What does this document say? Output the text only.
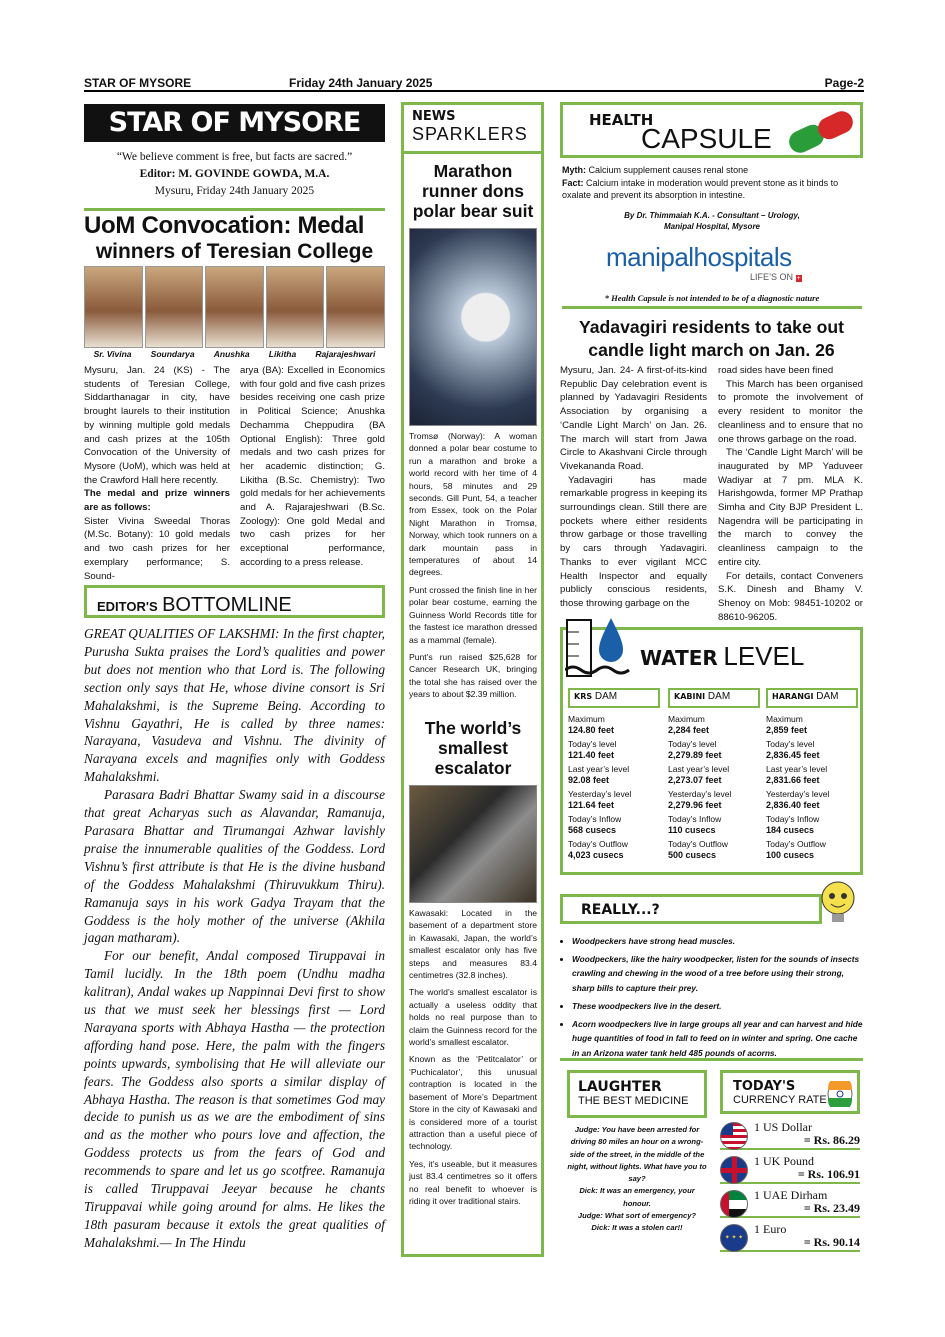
STAR OF MYSORE	Friday 24th January 2025	Page-2
STAR OF MYSORE
“We believe comment is free, but facts are sacred.”
Editor: M. GOVINDE GOWDA, M.A.
Mysuru, Friday 24th January 2025
UoM Convocation: Medal
winners of Teresian College
Sr. Vivina Soundarya Anushka Likitha Rajarajeshwari

Mysuru, Jan. 24 (KS) - The students of Teresian College, Siddarthanagar in city, have brought laurels to their institution by winning multiple gold medals and cash prizes at the 105th Convocation of the University of Mysore (UoM), which was held at the Crawford Hall here recently.

The medal and prize winners are as follows:

Sister Vivina Sweedal Thoras (M.Sc. Botany): 10 gold medals and two cash prizes for her exemplary performance; S. Sound-

arya (BA): Excelled in Economics with four gold and five cash prizes besides receiving one cash prize in Political Science; Anushka Dechamma Cheppudira (BA Optional English): Three gold medals and two cash prizes for her academic distinction; G. Likitha (B.Sc. Chemistry): Two gold medals for her achievements and A. Rajarajeshwari (B.Sc. Zoology): One gold Medal and two cash prizes for her exceptional performance, according to a press release.

EDITOR'S BOTTOMLINE

GREAT QUALITIES OF LAKSHMI: In the first chapter, Purusha Sukta praises the Lord’s qualities and power but does not mention who that Lord is. The following section only says that He, whose divine consort is Sri Mahalakshmi, is the Supreme Being. According to Vishnu Gayathri, He is called by three names: Narayana, Vasudeva and Vishnu. The divinity of Narayana excels and magnifies only with Goddess Mahalakshmi.

Parasara Badri Bhattar Swamy said in a discourse that great Acharyas such as Alavandar, Ramanuja, Parasara Bhattar and Tirumangai Azhwar lavishly praise the innumerable qualities of the Goddess. Lord Vishnu’s first attribute is that He is the divine husband of the Goddess Mahalakshmi (Thiruvukkum Thiru). Ramanuja says in his work Gadya Trayam that the Goddess is the holy mother of the universe (Akhila jagan matharam).

For our benefit, Andal composed Tiruppavai in Tamil lucidly. In the 18th poem (Undhu madha kalitran), Andal wakes up Nappinnai Devi first to show us that we must seek her blessings first — Lord Narayana sports with Abhaya Hastha — the protection affording hand pose. Here, the palm with the fingers points upwards, symbolising that He will alleviate our fears. The Goddess also sports a similar display of Abhaya Hastha. The reason is that sometimes God may decide to punish us as we are the embodiment of sins and as the mother who pours love and affection, the Goddess protects us from the fears of God and recommends to spare and let us go scotfree. Ramanuja is called Tiruppavai Jeeyar because he chants Tiruppavai while going around for alms. He likes the 18th pasuram because it extols the great qualities of Mahalakshmi.— In The Hindu

NEWS
SPARKLERS
Marathon runner dons polar bear suit

Tromsø (Norway): A woman donned a polar bear costume to run a marathon and broke a world record with her time of 4 hours, 58 minutes and 29 seconds. Gill Punt, 54, a teacher from Essex, took on the Polar Night Marathon in Tromsø, Norway, which took runners on a dark mountain pass in temperatures of about 14 degrees.

Punt crossed the finish line in her polar bear costume, earning the Guinness World Records title for the fastest ice marathon dressed as a mammal (female).

Punt’s run raised $25,628 for Cancer Research UK, bringing the total she has raised over the years to about $2.39 million.

The world’s smallest escalator

Kawasaki: Located in the basement of a department store in Kawasaki, Japan, the world’s smallest escalator only has five steps and measures 83.4 centimetres (32.8 inches).

The world’s smallest escalator is actually a useless oddity that holds no real purpose than to claim the Guinness record for the world’s smallest escalator.

Known as the ‘Petitcalator’ or ‘Puchicalator’, this unusual contraption is located in the basement of More’s Department Store in the city of Kawasaki and is considered more of a tourist attraction than a useful piece of technology.

Yes, it’s useable, but it measures just 83.4 centimetres so it offers no real benefit to whoever is riding it over traditional stairs.

HEALTH
CAPSULE

Myth: Calcium supplement causes renal stone

Fact: Calcium intake in moderation would prevent stone as it binds to oxalate and prevent its absorption in intestine.

By Dr. Thimmaiah K.A. - Consultant – Urology,

Manipal Hospital, Mysore

manipalhospitals
LIFE’S ON +
* Health Capsule is not intended to be of a diagnostic nature
Yadavagiri residents to take out
candle light march on Jan. 26

Mysuru, Jan. 24- A first-of-its-kind Republic Day celebration event is planned by Yadavagiri Residents Association by organising a ‘Candle Light March’ on Jan. 26. The march will start from Jawa Circle to Akashvani Circle through Vivekananda Road.

Yadavagiri has made remarkable progress in keeping its surroundings clean. Still there are pockets where either residents throw garbage or those travelling by cars through Yadavagiri. Thanks to ever vigilant MCC Health Inspector and equally publicly conscious residents, those throwing garbage on the

road sides have been fined

This March has been organised to promote the involvement of every resident to monitor the cleanliness and to ensure that no one throws garbage on the road.

The ‘Candle Light March’ will be inaugurated by MP Yaduveer Wadiyar at 7 pm. MLA K. Harishgowda, former MP Prathap Simha and City BJP President L. Nagendra will be participating in the march to convey the cleanliness campaign to the entire city.

For details, contact Conveners S.K. Dinesh and Bhamy V. Shenoy on Mob: 98451-10202 or 88610-96205.

WATER LEVEL
KRS DAM
Maximum
124.80 feet
Today’s level
121.40 feet
Last year’s level
92.08 feet
Yesterday’s level
121.64 feet
Today’s Inflow
568 cusecs
Today’s Outflow
4,023 cusecs
KABINI DAM
Maximum
2,284 feet
Today’s level
2,279.89 feet
Last year’s level
2,273.07 feet
Yesterday’s level
2,279.96 feet
Today’s Inflow
110 cusecs
Today’s Outflow
500 cusecs
HARANGI DAM
Maximum
2,859 feet
Today’s level
2,836.45 feet
Last year’s level
2,831.66 feet
Yesterday’s level
2,836.40 feet
Today’s Inflow
184 cusecs
Today’s Outflow
100 cusecs
REALLY...?
• Woodpeckers have strong head muscles.
• Woodpeckers, like the hairy woodpecker, listen for the sounds of insects crawling and chewing in the wood of a tree before using their strong, sharp bills to capture their prey.
• These woodpeckers live in the desert.
• Acorn woodpeckers live in large groups all year and can harvest and hide huge quantities of food in fall to feed on in winter and spring. One cache in an Arizona water tank held 485 pounds of acorns.
LAUGHTER
THE BEST MEDICINE

Judge: You have been arrested for driving 80 miles an hour on a wrong-side of the street, in the middle of the night, without lights. What have you to say?

Dick: It was an emergency, your honour.

Judge: What sort of emergency?

Dick: It was a stolen car!!

TODAY'S
CURRENCY RATE
1 US Dollar
= Rs. 86.29
1 UK Pound
= Rs. 106.91
1 UAE Dirham
= Rs. 23.49
✦ ✦ ✦
1 Euro
= Rs. 90.14
